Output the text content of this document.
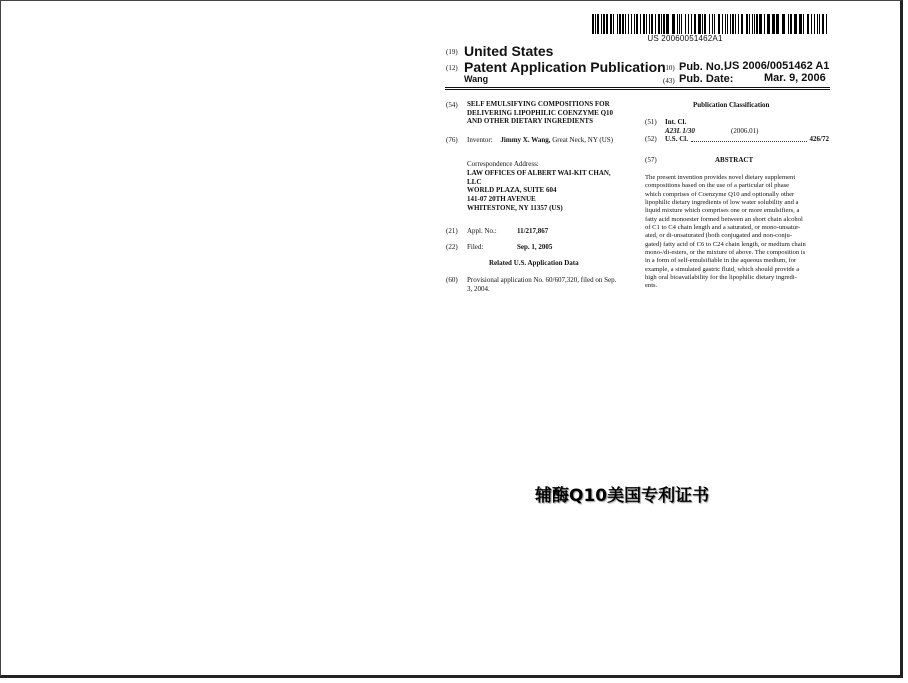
US 20060051462A1
(19) United States
(12) Patent Application Publication
Wang
(10) Pub. No.:
US 2006/0051462 A1
(43) Pub. Date:	Mar. 9, 2006
(54) SELF EMULSIFYING COMPOSITIONS FOR
DELIVERING LIPOPHILIC COENZYME Q10
AND OTHER DIETARY INGREDIENTS
(76) Inventor: Jimmy X. Wang, Great Neck, NY (US)
Correspondence Address:
LAW OFFICES OF ALBERT WAI-KIT CHAN,
LLC
WORLD PLAZA, SUITE 604
141-07 20TH AVENUE
WHITESTONE, NY 11357 (US)
(21) Appl. No.:	11/217,867
(22) Filed:	Sep. 1, 2005
Related U.S. Application Data
(60) Provisional application No. 60/607,320, filed on Sep.
3, 2004.
Publication Classification
(51) Int. Cl.
A23L 1/30	(2006.01)
(52) U.S. Cl.	426/72
(57)	ABSTRACT
The present invention provides novel dietary supplement
compositions based on the use of a particular oil phase
which comprises of Coenzyme Q10 and optionally other
lipophilic dietary ingredients of low water solubility and a
liquid mixture which comprises one or more emulsifiers, a
fatty acid monoester formed between an short chain alcohol
of C1 to C4 chain length and a saturated, or mono-unsatur-
ated, or di-unsaturated (both conjugated and non-conju-
gated) fatty acid of C6 to C24 chain length, or medium chain
mono-/di-esters, or the mixture of above. The composition is
in a form of self-emulsifiable in the aqueous medium, for
example, a simulated gastric fluid, which should provide a
high oral bioavailability for the lipophilic dietary ingredi-
ents.
辅酶Q10美国专利证书
